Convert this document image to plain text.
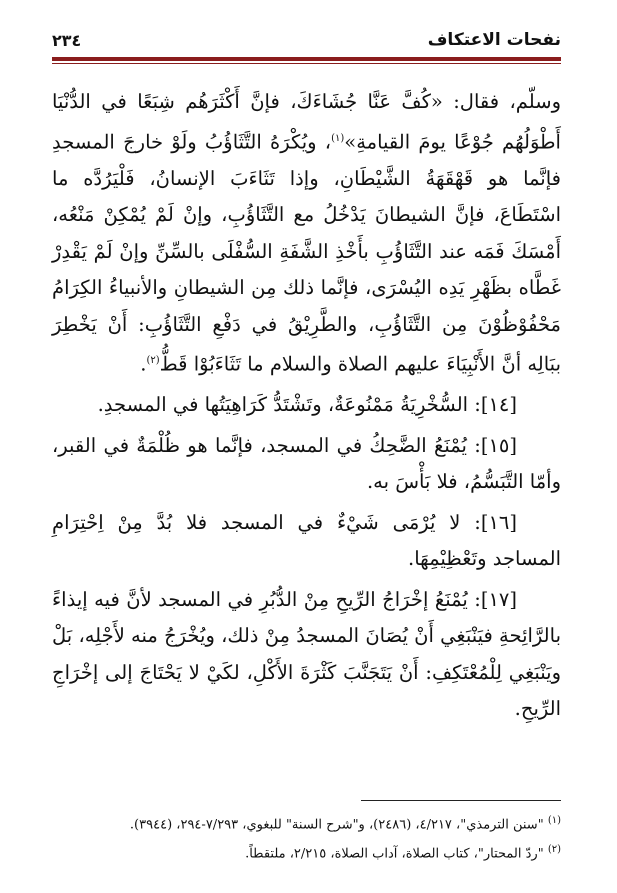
نفحات الاعتكاف
٢٣٤

وسلّم، فقال: «كُفَّ عَنَّا جُشَاءَكَ، فإنَّ أَكْثَرَهُم شِبَعًا في الدُّنْيَا أَطْوَلُهُم جُوْعًا يومَ القيامةِ»$^{(١)}$، ويُكْرَهُ التَّثَاؤُبُ ولَوْ خارجَ المسجدِ فإنَّما هو قَهْقَهَةُ الشَّيْطَانِ، وإذا تَثَاءَبَ الإنسانُ، فَلْيَرُدَّه ما اسْتَطَاعَ، فإنَّ الشيطانَ يَدْخُلُ مع التَّثَاؤُبِ، وإنْ لَمْ يُمْكِنْ مَنْعُه، أَمْسَكَ فَمَه عند التَّثَاؤُبِ بأَخْذِ الشَّفَةِ السُّفْلَى بالسِّنِّ وإنْ لَمْ يَقْدِرْ غَطَّاه بظَهْرِ يَدِه اليُسْرَى، فإنَّما ذلك مِن الشيطانِ والأنبياءُ الكِرَامُ مَحْفُوْظُوْنَ مِن التَّثَاؤُبِ، والطَّرِيْقُ في دَفْعِ التَّثَاؤُبِ: أَنْ يَخْطِرَ ببَالِه أنَّ الأَنْبِيَاءَ عليهم الصلاة والسلام ما تَثَاءَبُوْا قَطُّ$^{(٢)}$.

[١٤]: السُّخْرِيَةُ مَمْنُوعَةٌ، وتَشْتَدُّ كَرَاهِيَتُها في المسجدِ.

[١٥]: يُمْنَعُ الضَّحِكُ في المسجد، فإنَّما هو ظُلْمَةٌ في القبر، وأمّا التَّبَسُّمُ، فلا بَأْسَ به.

[١٦]: لا يُرْمَى شَيْءٌ في المسجد فلا بُدَّ مِنْ اِحْتِرَامِ المساجد وتَعْظِيْمِهَا.

[١٧]: يُمْنَعُ إخْرَاجُ الرِّيحِ مِنْ الدُّبُرِ في المسجد لأنَّ فيه إيذاءً بالرَّائِحةِ فيَنْبَغِي أَنْ يُصَانَ المسجدُ مِنْ ذلك، ويُخْرَجُ منه لأَجْلِه، بَلْ ويَنْبَغِي لِلْمُعْتَكِفِ: أَنْ يَتَجَنَّبَ كَثْرَةَ الأَكْلِ، لكَيْ لا يَحْتَاجَ إلى إخْرَاجِ الرِّيحِ.

$^{(١)}$ "سنن الترمذي"، ٤/٢١٧، (٢٤٨٦)، و"شرح السنة" للبغوي، ٧/٢٩٣-٢٩٤، (٣٩٤٤).

$^{(٢)}$ "ردّ المحتار"، كتاب الصلاة، آداب الصلاة، ٢/٢١٥، ملتقطاً.
